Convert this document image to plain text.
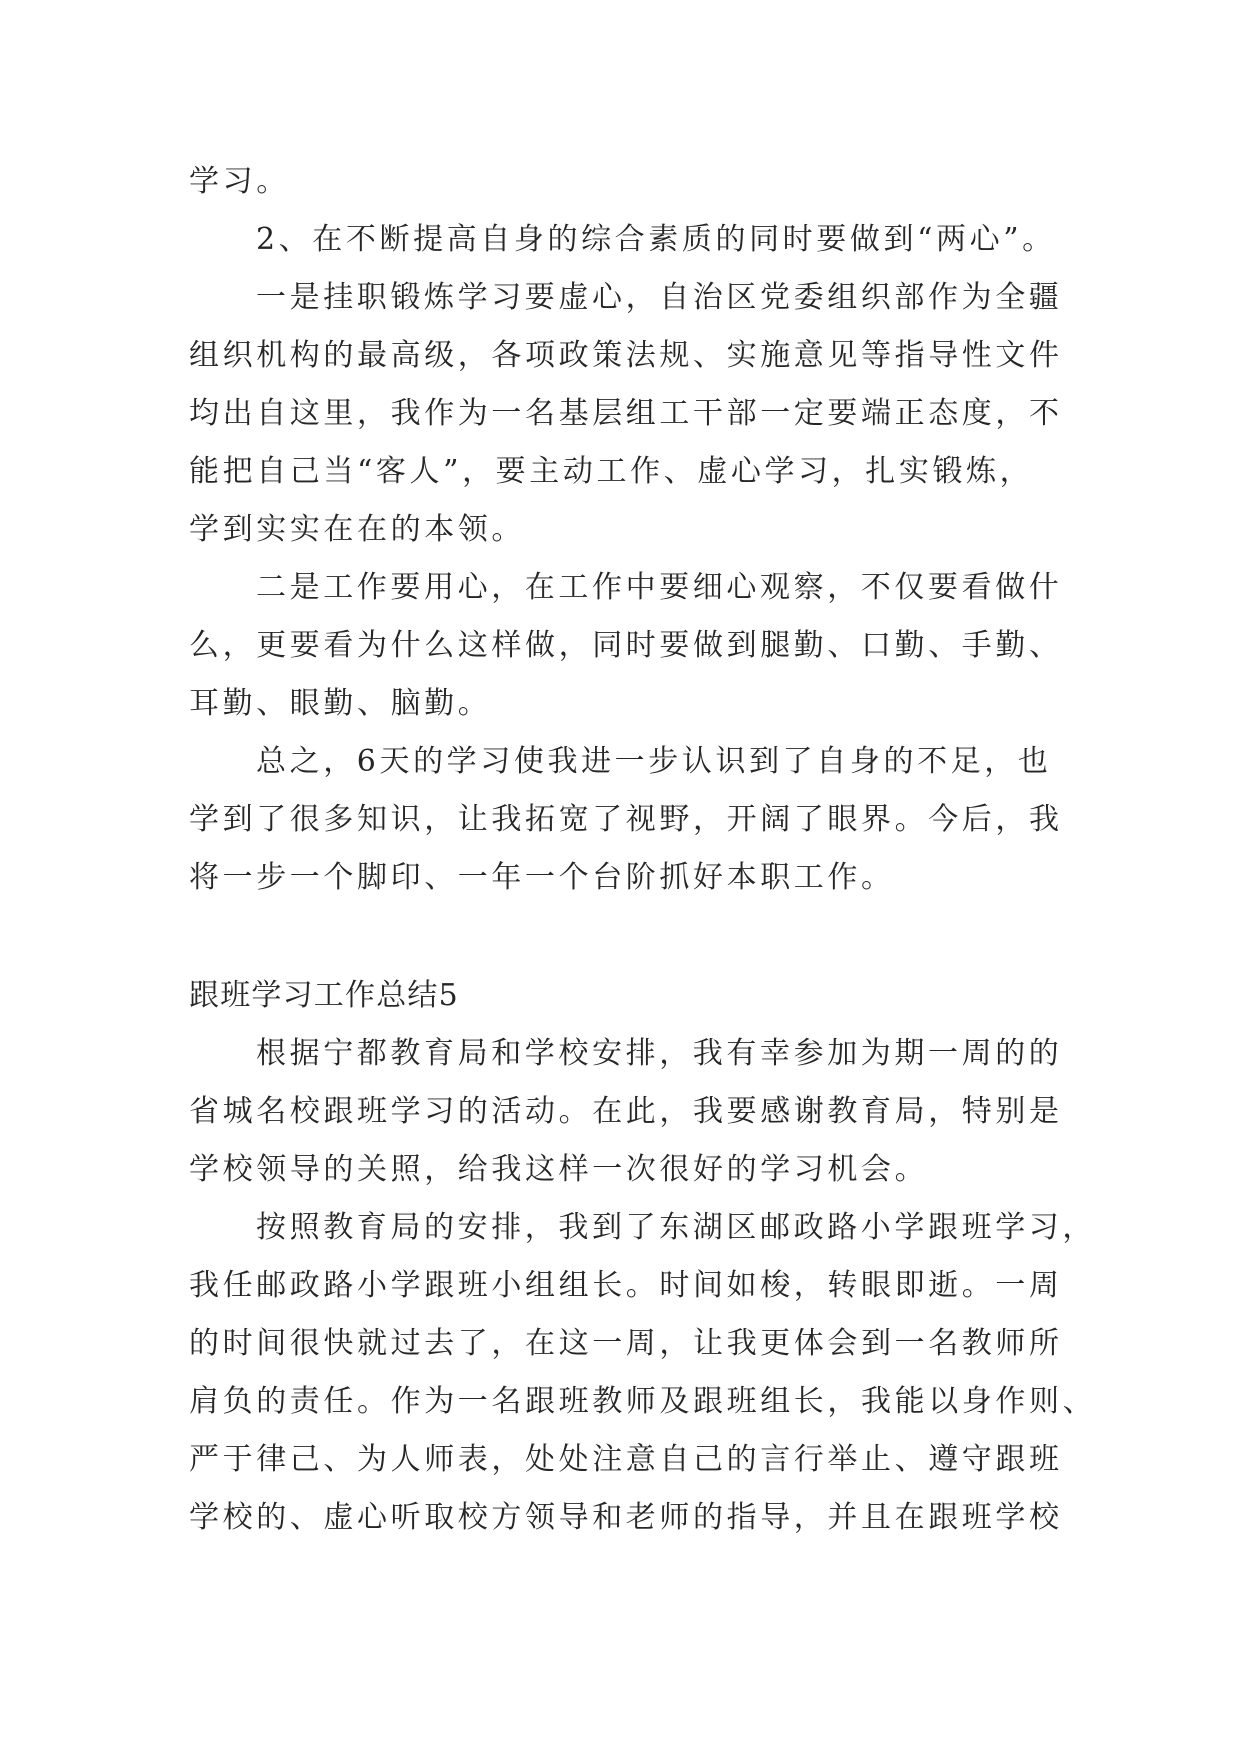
学习。
2、在不断提高自身的综合素质的同时要做到“两心”。
一是挂职锻炼学习要虚心，自治区党委组织部作为全疆
组织机构的最高级，各项政策法规、实施意见等指导性文件
均出自这里，我作为一名基层组工干部一定要端正态度，不
能把自己当“客人”，要主动工作、虚心学习，扎实锻炼，
学到实实在在的本领。
二是工作要用心，在工作中要细心观察，不仅要看做什
么，更要看为什么这样做，同时要做到腿勤、口勤、手勤、
耳勤、眼勤、脑勤。
总之，6天的学习使我进一步认识到了自身的不足，也
学到了很多知识，让我拓宽了视野，开阔了眼界。今后，我
将一步一个脚印、一年一个台阶抓好本职工作。
跟班学习工作总结5
根据宁都教育局和学校安排，我有幸参加为期一周的的
省城名校跟班学习的活动。在此，我要感谢教育局，特别是
学校领导的关照，给我这样一次很好的学习机会。
按照教育局的安排，我到了东湖区邮政路小学跟班学习，
我任邮政路小学跟班小组组长。时间如梭，转眼即逝。一周
的时间很快就过去了，在这一周，让我更体会到一名教师所
肩负的责任。作为一名跟班教师及跟班组长，我能以身作则、
严于律己、为人师表，处处注意自己的言行举止、遵守跟班
学校的、虚心听取校方领导和老师的指导，并且在跟班学校
